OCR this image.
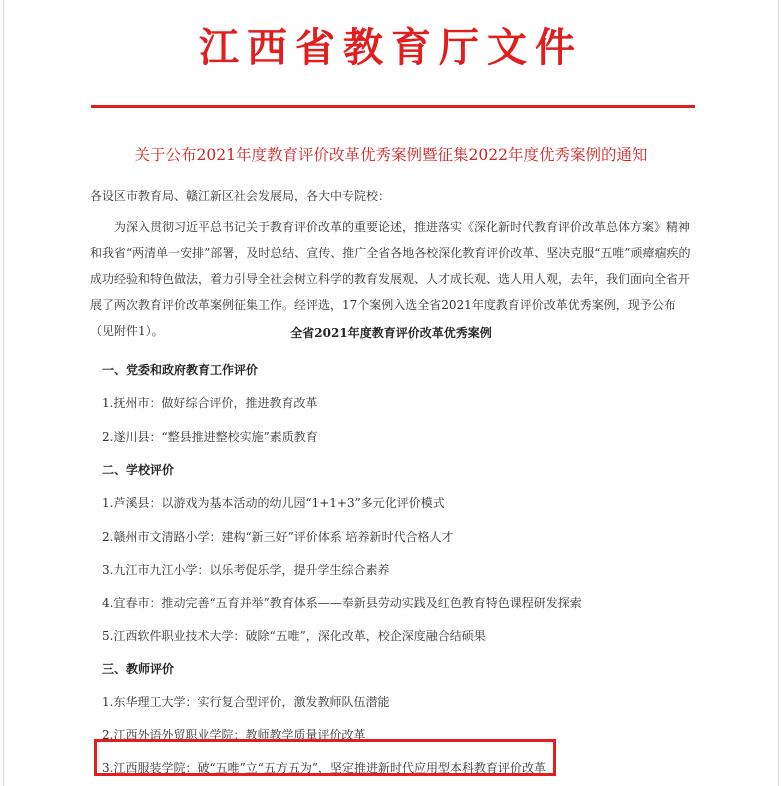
江西省教育厅文件
关于公布2021年度教育评价改革优秀案例暨征集2022年度优秀案例的通知
各设区市教育局、赣江新区社会发展局，各大中专院校：
为深入贯彻习近平总书记关于教育评价改革的重要论述，推进落实《深化新时代教育评价改革总体方案》精神和我省“两清单一安排”部署，及时总结、宣传、推广全省各地各校深化教育评价改革、坚决克服“五唯”顽瘴痼疾的成功经验和特色做法，着力引导全社会树立科学的教育发展观、人才成长观、选人用人观，去年，我们面向全省开展了两次教育评价改革案例征集工作。经评选，17个案例入选全省2021年度教育评价改革优秀案例，现予公布（见附件1）。	全省2021年度教育评价改革优秀案例
一、党委和政府教育工作评价
1.抚州市：做好综合评价，推进教育改革
2.遂川县：“整县推进整校实施”素质教育
二、学校评价
1.芦溪县：以游戏为基本活动的幼儿园“1+1+3”多元化评价模式
2.赣州市文清路小学：建构“新三好”评价体系 培养新时代合格人才
3.九江市九江小学：以乐考促乐学，提升学生综合素养
4.宜春市：推动完善“五育并举”教育体系——奉新县劳动实践及红色教育特色课程研发探索
5.江西软件职业技术大学：破除“五唯”，深化改革，校企深度融合结硕果
三、教师评价
1.东华理工大学：实行复合型评价，激发教师队伍潜能
2.江西外语外贸职业学院：教师教学质量评价改革
3.江西服装学院：破“五唯”立“五方五为”，坚定推进新时代应用型本科教育评价改革
